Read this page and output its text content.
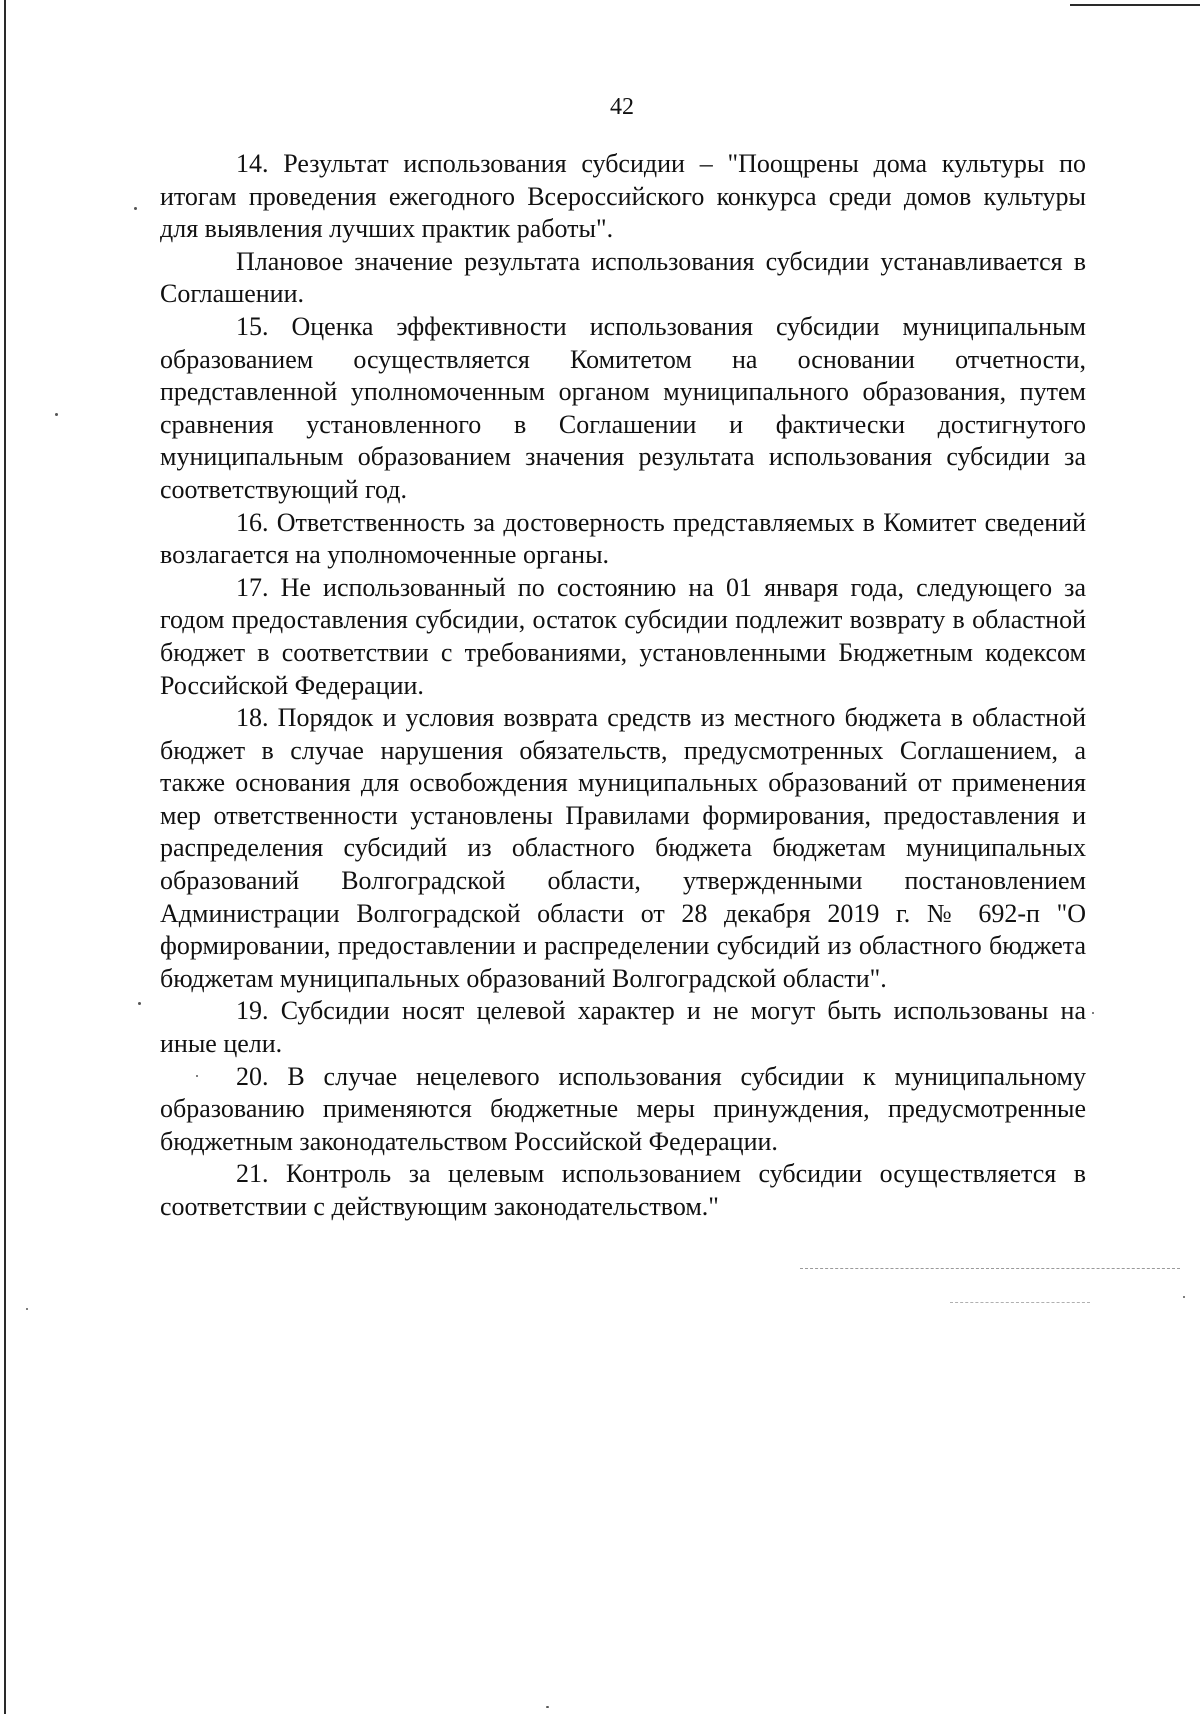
42

14. Результат использования субсидии – "Поощрены дома культуры по итогам проведения ежегодного Всероссийского конкурса среди домов культуры для выявления лучших практик работы".

Плановое значение результата использования субсидии устанавливается в Соглашении.

15. Оценка эффективности использования субсидии муниципальным образованием осуществляется Комитетом на основании отчетности, представленной уполномоченным органом муниципального образования, путем сравнения установленного в Соглашении и фактически достигнутого муниципальным образованием значения результата использования субсидии за соответствующий год.

16. Ответственность за достоверность представляемых в Комитет сведений возлагается на уполномоченные органы.

17. Не использованный по состоянию на 01 января года, следующего за годом предоставления субсидии, остаток субсидии подлежит возврату в областной бюджет в соответствии с требованиями, установленными Бюджетным кодексом Российской Федерации.

18. Порядок и условия возврата средств из местного бюджета в областной бюджет в случае нарушения обязательств, предусмотренных Соглашением, а также основания для освобождения муниципальных образований от применения мер ответственности установлены Правилами формирования, предоставления и распределения субсидий из областного бюджета бюджетам муниципальных образований Волгоградской области, утвержденными постановлением Администрации Волгоградской области от 28 декабря 2019 г. № 692-п "О формировании, предоставлении и распределении субсидий из областного бюджета бюджетам муниципальных образований Волгоградской области".

19. Субсидии носят целевой характер и не могут быть использованы на иные цели.

20. В случае нецелевого использования субсидии к муниципальному образованию применяются бюджетные меры принуждения, предусмотренные бюджетным законодательством Российской Федерации.

21. Контроль за целевым использованием субсидии осуществляется в соответствии с действующим законодательством."
